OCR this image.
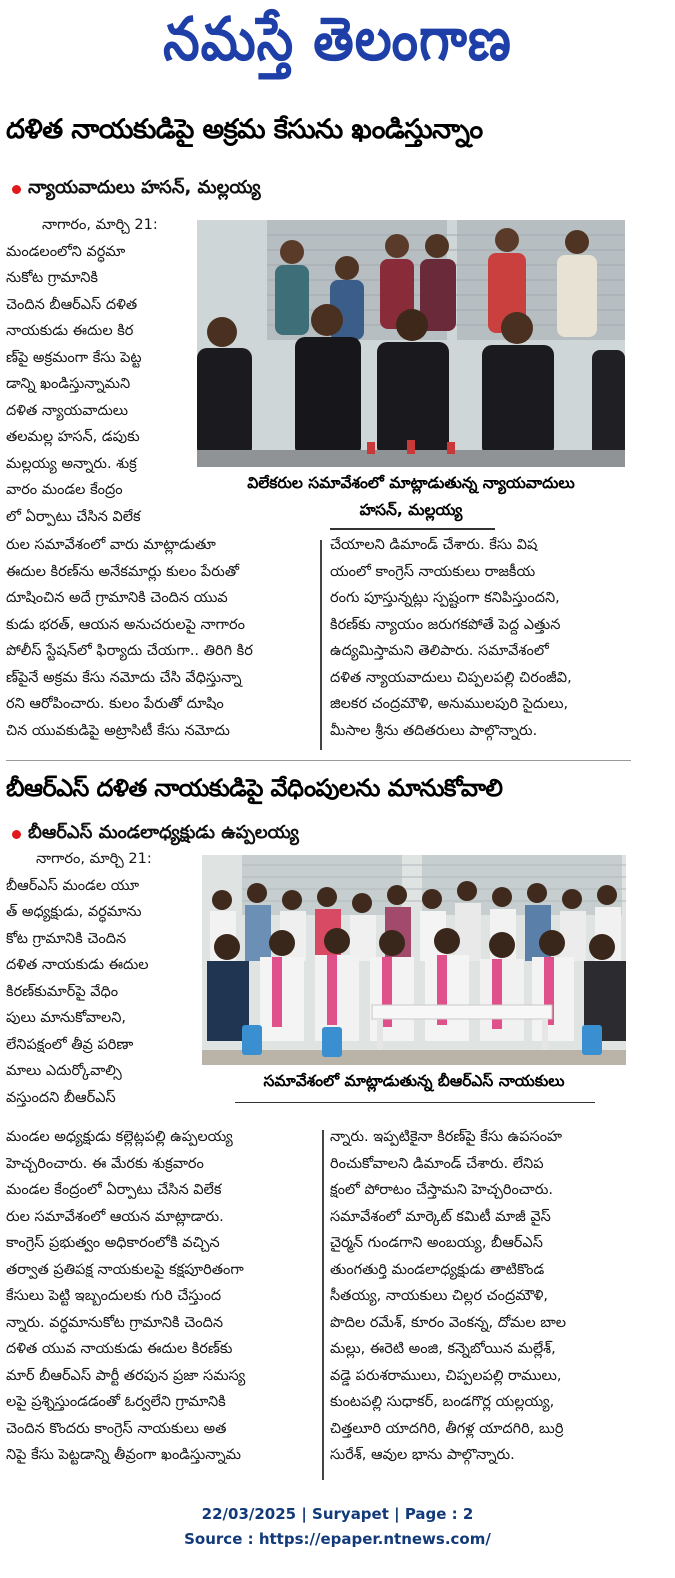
నమస్తే తెలంగాణ
దళిత నాయకుడిపై అక్రమ కేసును ఖండిస్తున్నాం
న్యాయవాదులు హసన్, మల్లయ్య
నాగారం, మార్చి 21:
మండలంలోని వర్ధమా
నుకోట గ్రామానికి
చెందిన బీఆర్ఎస్ దళిత
నాయకుడు ఈదుల కిర
ణ్‌పై అక్రమంగా కేసు పెట్ట
డాన్ని ఖండిస్తున్నామని
దళిత న్యాయవాదులు
తలమల్ల హసన్, డపుకు
మల్లయ్య అన్నారు. శుక్ర
వారం మండల కేంద్రం
లో ఏర్పాటు చేసిన విలేక
విలేకరుల సమావేశంలో మాట్లాడుతున్న న్యాయవాదులు
హసన్, మల్లయ్య
రుల సమావేశంలో వారు మాట్లాడుతూ
ఈదుల కిరణ్‌ను అనేకమార్లు కులం పేరుతో
దూషించిన అదే గ్రామానికి చెందిన యువ
కుడు భరత్, ఆయన అనుచరులపై నాగారం
పోలీస్ స్టేషన్‌లో ఫిర్యాదు చేయగా.. తిరిగి కిర
ణ్‌పైనే అక్రమ కేసు నమోదు చేసి వేధిస్తున్నా
రని ఆరోపించారు. కులం పేరుతో దూషిం
చిన యువకుడిపై అట్రాసిటీ కేసు నమోదు
చేయాలని డిమాండ్ చేశారు. కేసు విష
యంలో కాంగ్రెస్ నాయకులు రాజకీయ
రంగు పూస్తున్నట్లు స్పష్టంగా కనిపిస్తుందని,
కిరణ్‌కు న్యాయం జరుగకపోతే పెద్ద ఎత్తున
ఉద్యమిస్తామని తెలిపారు. సమావేశంలో
దళిత న్యాయవాదులు చిప్పలపల్లి చిరంజీవి,
జిలకర చంద్రమౌళి, అనుములపురి సైదులు,
మీసాల శ్రీను తదితరులు పాల్గొన్నారు.
బీఆర్ఎస్ దళిత నాయకుడిపై వేధింపులను మానుకోవాలి
బీఆర్ఎస్ మండలాధ్యక్షుడు ఉప్పలయ్య
నాగారం, మార్చి 21:
బీఆర్ఎస్ మండల యూ
త్ అధ్యక్షుడు, వర్ధమాను
కోట గ్రామానికి చెందిన
దళిత నాయకుడు ఈదుల
కిరణ్‌కుమార్‌పై వేధిం
పులు మానుకోవాలని,
లేనిపక్షంలో తీవ్ర పరిణా
మాలు ఎదుర్కోవాల్సి
వస్తుందని బీఆర్ఎస్
సమావేశంలో మాట్లాడుతున్న బీఆర్ఎస్ నాయకులు
మండల అధ్యక్షుడు కల్లెట్లపల్లి ఉప్పలయ్య
హెచ్చరించారు. ఈ మేరకు శుక్రవారం
మండల కేంద్రంలో ఏర్పాటు చేసిన విలేక
రుల సమావేశంలో ఆయన మాట్లాడారు.
కాంగ్రెస్ ప్రభుత్వం అధికారంలోకి వచ్చిన
తర్వాత ప్రతిపక్ష నాయకులపై కక్షపూరితంగా
కేసులు పెట్టి ఇబ్బందులకు గురి చేస్తుంద
న్నారు. వర్ధమానుకోట గ్రామానికి చెందిన
దళిత యువ నాయకుడు ఈదుల కిరణ్‌కు
మార్ బీఆర్ఎస్ పార్టీ తరపున ప్రజా సమస్య
లపై ప్రశ్నిస్తుండడంతో ఓర్వలేని గ్రామానికి
చెందిన కొందరు కాంగ్రెస్ నాయకులు అత
నిపై కేసు పెట్టడాన్ని తీవ్రంగా ఖండిస్తున్నామ
న్నారు. ఇప్పటికైనా కిరణ్‌పై కేసు ఉపసంహ
రించుకోవాలని డిమాండ్ చేశారు. లేనిప
క్షంలో పోరాటం చేస్తామని హెచ్చరించారు.
సమావేశంలో మార్కెట్ కమిటీ మాజీ వైస్
చైర్మన్ గుండగాని అంబయ్య, బీఆర్ఎస్
తుంగతుర్తి మండలాధ్యక్షుడు తాటికొండ
సీతయ్య, నాయకులు చిల్లర చంద్రమౌళి,
పొదిల రమేశ్, కూరం వెంకన్న, దోమల బాల
మల్లు, ఈరెటి అంజి, కన్నెబోయిన మల్లేశ్,
వడ్డె పరుశరాములు, చిప్పలపల్లి రాములు,
కుంటపల్లి సుధాకర్, బండగొర్ల యల్లయ్య,
చిత్తలూరి యాదగిరి, తీగళ్ల యాదగిరి, బుర్రి
సురేశ్, ఆవుల భాను పాల్గొన్నారు.
22/03/2025 | Suryapet | Page : 2
Source : https://epaper.ntnews.com/
